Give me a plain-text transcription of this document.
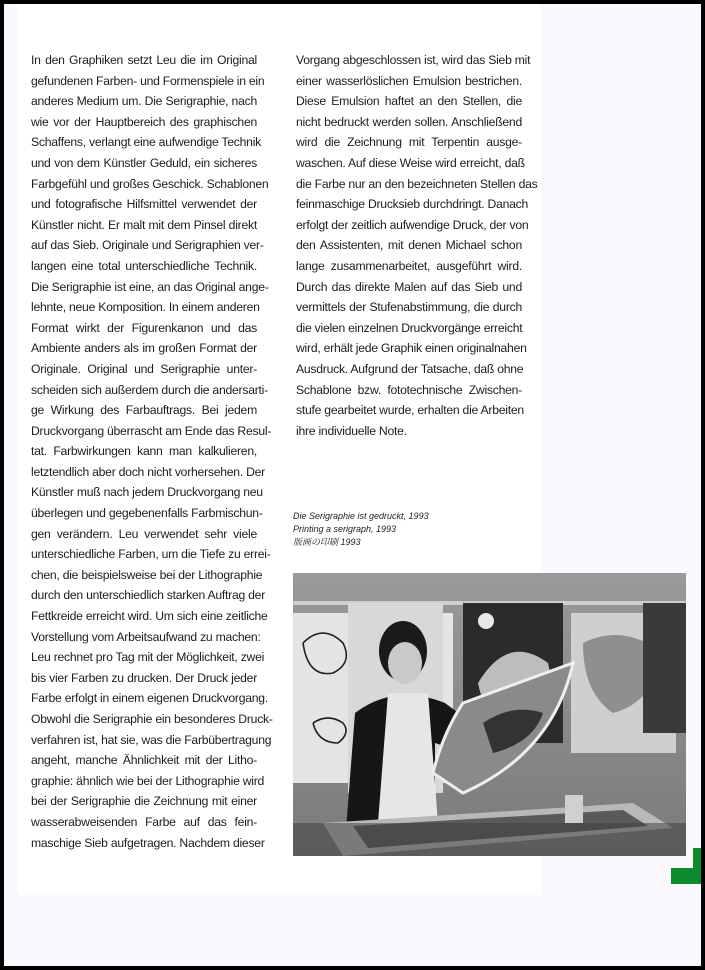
In den Graphiken setzt Leu die im Original
gefundenen Farben- und Formenspiele in ein
anderes Medium um. Die Serigraphie, nach
wie vor der Hauptbereich des graphischen
Schaffens, verlangt eine aufwendige Technik
und von dem Künstler Geduld, ein sicheres
Farbgefühl und großes Geschick. Schablonen
und fotografische Hilfsmittel verwendet der
Künstler nicht. Er malt mit dem Pinsel direkt
auf das Sieb. Originale und Serigraphien ver-
langen eine total unterschiedliche Technik.
Die Serigraphie ist eine, an das Original ange-
lehnte, neue Komposition. In einem anderen
Format wirkt der Figurenkanon und das
Ambiente anders als im großen Format der
Originale. Original und Serigraphie unter-
scheiden sich außerdem durch die andersarti-
ge Wirkung des Farbauftrags. Bei jedem
Druckvorgang überrascht am Ende das Resul-
tat. Farbwirkungen kann man kalkulieren,
letztendlich aber doch nicht vorhersehen. Der
Künstler muß nach jedem Druckvorgang neu
überlegen und gegebenenfalls Farbmischun-
gen verändern. Leu verwendet sehr viele
unterschiedliche Farben, um die Tiefe zu errei-
chen, die beispielsweise bei der Lithographie
durch den unterschiedlich starken Auftrag der
Fettkreide erreicht wird. Um sich eine zeitliche
Vorstellung vom Arbeitsaufwand zu machen:
Leu rechnet pro Tag mit der Möglichkeit, zwei
bis vier Farben zu drucken. Der Druck jeder
Farbe erfolgt in einem eigenen Druckvorgang.
Obwohl die Serigraphie ein besonderes Druck-
verfahren ist, hat sie, was die Farbübertragung
angeht, manche Ähnlichkeit mit der Litho-
graphie: ähnlich wie bei der Lithographie wird
bei der Serigraphie die Zeichnung mit einer
wasserabweisenden Farbe auf das fein-
maschige Sieb aufgetragen. Nachdem dieser
Vorgang abgeschlossen ist, wird das Sieb mit
einer wasserlöslichen Emulsion bestrichen.
Diese Emulsion haftet an den Stellen, die
nicht bedruckt werden sollen. Anschließend
wird die Zeichnung mit Terpentin ausge-
waschen. Auf diese Weise wird erreicht, daß
die Farbe nur an den bezeichneten Stellen das
feinmaschige Drucksieb durchdringt. Danach
erfolgt der zeitlich aufwendige Druck, der von
den Assistenten, mit denen Michael schon
lange zusammenarbeitet, ausgeführt wird.
Durch das direkte Malen auf das Sieb und
vermittels der Stufenabstimmung, die durch
die vielen einzelnen Druckvorgänge erreicht
wird, erhält jede Graphik einen originalnahen
Ausdruck. Aufgrund der Tatsache, daß ohne
Schablone bzw. fototechnische Zwischen-
stufe gearbeitet wurde, erhalten die Arbeiten
ihre individuelle Note.
Die Serigraphie ist gedruckt, 1993
Printing a serigraph, 1993
版画の印刷 1993
